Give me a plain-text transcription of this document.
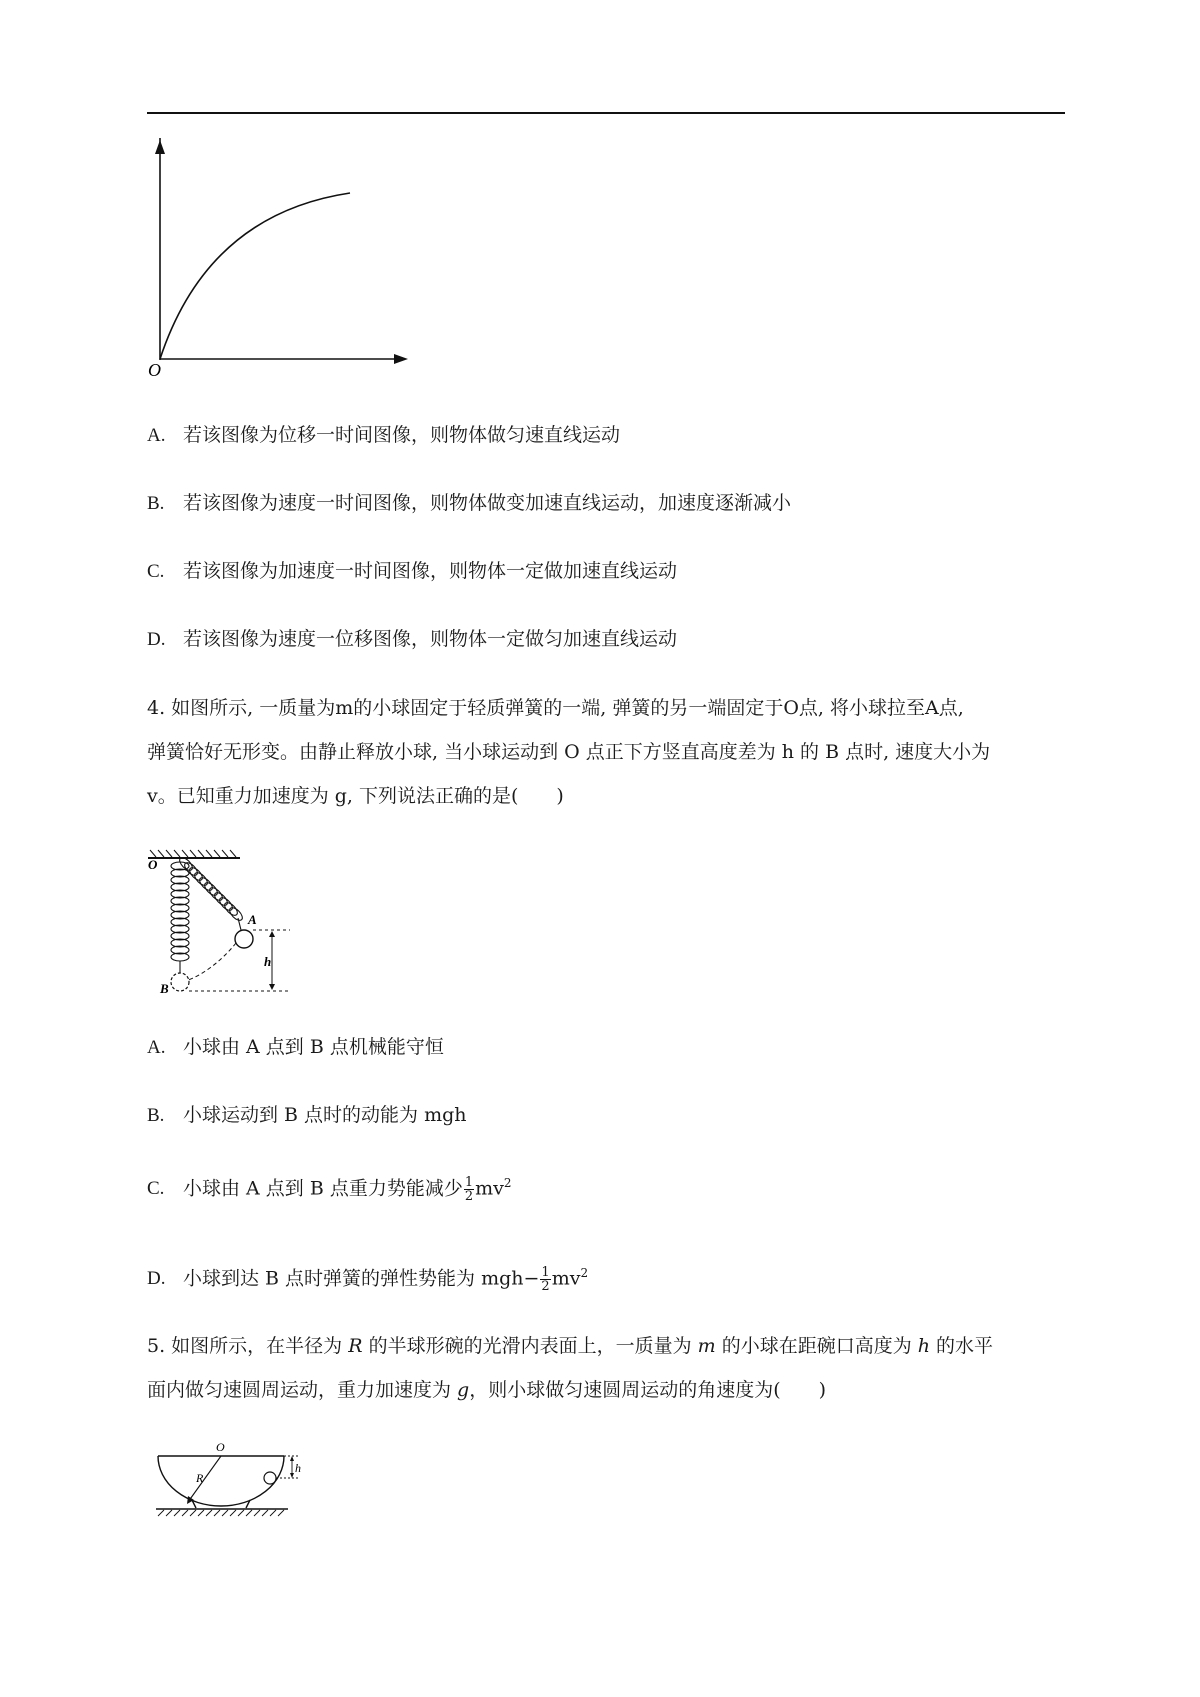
O
A. 若该图像为位移一时间图像，则物体做匀速直线运动
B. 若该图像为速度一时间图像，则物体做变加速直线运动，加速度逐渐减小
C. 若该图像为加速度一时间图像，则物体一定做加速直线运动
D. 若该图像为速度一位移图像，则物体一定做匀加速直线运动
4. 如图所示, 一质量为m的小球固定于轻质弹簧的一端, 弹簧的另一端固定于O点, 将小球拉至A点,
弹簧恰好无形变。由静止释放小球, 当小球运动到 O 点正下方竖直高度差为 h 的 B 点时, 速度大小为
v。已知重力加速度为 g, 下列说法正确的是(　　)
O
A
B
h
A. 小球由 A 点到 B 点机械能守恒
B. 小球运动到 B 点时的动能为 mgh
C. 小球由 A 点到 B 点重力势能减少 $\frac{1}{2} mv^2$
D. 小球到达 B 点时弹簧的弹性势能为 $mgh- \frac{1}{2} mv^2$
5. 如图所示，在半径为 R 的半球形碗的光滑内表面上，一质量为 m 的小球在距碗口高度为 h 的水平
面内做匀速圆周运动，重力加速度为 g，则小球做匀速圆周运动的角速度为(　　)
O
R
h
